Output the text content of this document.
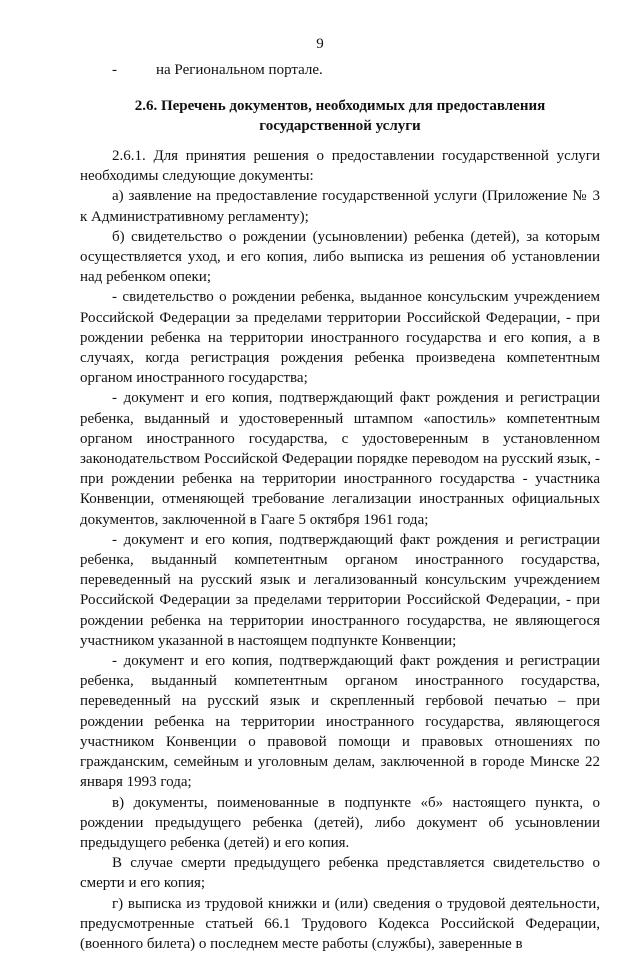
9
-	на Региональном портале.
2.6. Перечень документов, необходимых для предоставления
государственной услуги

2.6.1. Для принятия решения о предоставлении государственной услуги необходимы следующие документы:

а) заявление на предоставление государственной услуги (Приложение № 3 к Административному регламенту);

б) свидетельство о рождении (усыновлении) ребенка (детей), за которым осуществляется уход, и его копия, либо выписка из решения об установлении над ребенком опеки;

- свидетельство о рождении ребенка, выданное консульским учреждением Российской Федерации за пределами территории Российской Федерации, - при рождении ребенка на территории иностранного государства и его копия, а в случаях, когда регистрация рождения ребенка произведена компетентным органом иностранного государства;

- документ и его копия, подтверждающий факт рождения и регистрации ребенка, выданный и удостоверенный штампом «апостиль» компетентным органом иностранного государства, с удостоверенным в установленном законодательством Российской Федерации порядке переводом на русский язык, - при рождении ребенка на территории иностранного государства - участника Конвенции, отменяющей требование легализации иностранных официальных документов, заключенной в Гааге 5 октября 1961 года;

- документ и его копия, подтверждающий факт рождения и регистрации ребенка, выданный компетентным органом иностранного государства, переведенный на русский язык и легализованный консульским учреждением Российской Федерации за пределами территории Российской Федерации, - при рождении ребенка на территории иностранного государства, не являющегося участником указанной в настоящем подпункте Конвенции;

- документ и его копия, подтверждающий факт рождения и регистрации ребенка, выданный компетентным органом иностранного государства, переведенный на русский язык и скрепленный гербовой печатью – при рождении ребенка на территории иностранного государства, являющегося участником Конвенции о правовой помощи и правовых отношениях по гражданским, семейным и уголовным делам, заключенной в городе Минске 22 января 1993 года;

в) документы, поименованные в подпункте «б» настоящего пункта, о рождении предыдущего ребенка (детей), либо документ об усыновлении предыдущего ребенка (детей) и его копия.

В случае смерти предыдущего ребенка представляется свидетельство о смерти и его копия;

г) выписка из трудовой книжки и (или) сведения о трудовой деятельности, предусмотренные статьей 66.1 Трудового Кодекса Российской Федерации, (военного билета) о последнем месте работы (службы), заверенные в
